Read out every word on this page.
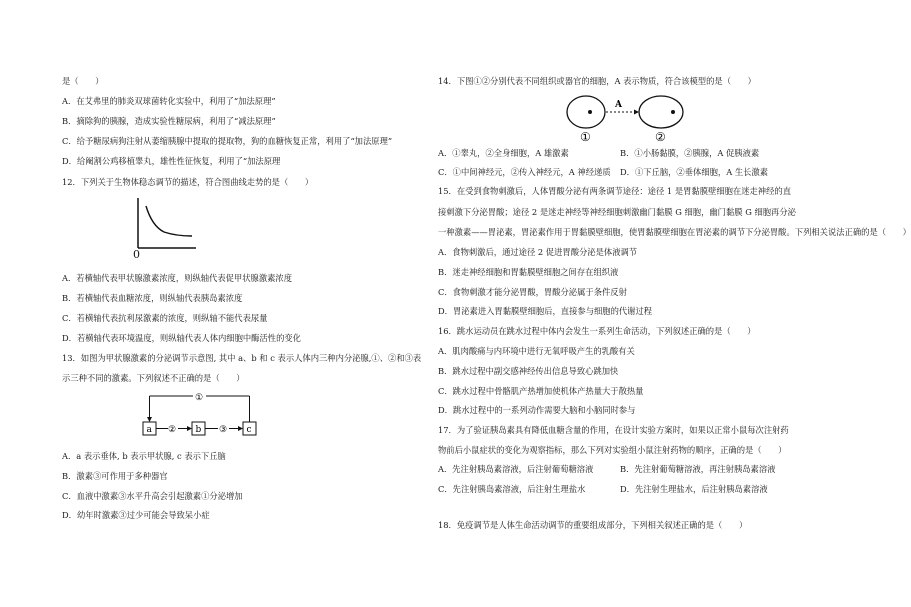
是（　　）
A．在艾弗里的肺炎双球菌转化实验中，利用了“加法原理”
B．摘除狗的胰腺，造成实验性糖尿病，利用了“减法原理”
C．给予糖尿病狗注射从萎缩胰腺中提取的提取物，狗的血糖恢复正常，利用了“加法原理”
D．给阉割公鸡移植睾丸，雄性性征恢复，利用了“加法原理
12．下列关于生物体稳态调节的描述，符合图曲线走势的是（　　）
0
A．若横轴代表甲状腺激素浓度，则纵轴代表促甲状腺激素浓度
B．若横轴代表血糖浓度，则纵轴代表胰岛素浓度
C．若横轴代表抗利尿激素的浓度，则纵轴不能代表尿量
D．若横轴代表环境温度，则纵轴代表人体内细胞中酶活性的变化
13．如图为甲状腺激素的分泌调节示意图, 其中 a、b 和 c 表示人体内三种内分泌腺,①、②和③表
示三种不同的激素。下列叙述不正确的是（　　）
a	b	c
②	③
①
A．a 表示垂体, b 表示甲状腺, c 表示下丘脑
B．激素③可作用于多种器官
C．血液中激素③水平升高会引起激素①分泌增加
D．幼年时激素③过少可能会导致呆小症
14．下图①②分别代表不同组织或器官的细胞，A 表示物质，符合该模型的是（　　）
A
①	②
A．①睾丸，②全身细胞，A 雄激素	B．①小肠黏膜，②胰腺，A 促胰液素
C．①中间神经元，②传入神经元，A 神经递质 D．①下丘脑，②垂体细胞，A 生长激素
15．在受到食物刺激后，人体胃酸分泌有两条调节途径：途径 1 是胃黏膜壁细胞在迷走神经的直
接刺激下分泌胃酸；途径 2 是迷走神经等神经细胞刺激幽门黏膜 G 细胞，幽门黏膜 G 细胞再分泌
一种激素——胃泌素，胃泌素作用于胃黏膜壁细胞，使胃黏膜壁细胞在胃泌素的调节下分泌胃酸。下列相关说法正确的是（　　）
A．食物刺激后，通过途径 2 促进胃酸分泌是体液调节
B．迷走神经细胞和胃黏膜壁细胞之间存在组织液
C．食物刺激才能分泌胃酸，胃酸分泌属于条件反射
D．胃泌素进入胃黏膜壁细胞后，直接参与细胞的代谢过程
16．跳水运动员在跳水过程中体内会发生一系列生命活动，下列叙述正确的是（　　）
A．肌肉酸痛与内环境中进行无氧呼吸产生的乳酸有关
B．跳水过程中副交感神经传出信息导致心跳加快
C．跳水过程中骨骼肌产热增加使机体产热量大于散热量
D．跳水过程中的一系列动作需要大脑和小脑同时参与
17．为了验证胰岛素具有降低血糖含量的作用，在设计实验方案时，如果以正常小鼠每次注射药
物前后小鼠症状的变化为观察指标，那么下列对实验组小鼠注射药物的顺序，正确的是（　　）
A．先注射胰岛素溶液，后注射葡萄糖溶液	B．先注射葡萄糖溶液，再注射胰岛素溶液
C．先注射胰岛素溶液，后注射生理盐水	D．先注射生理盐水，后注射胰岛素溶液
18．免疫调节是人体生命活动调节的重要组成部分，下列相关叙述正确的是（　　）
